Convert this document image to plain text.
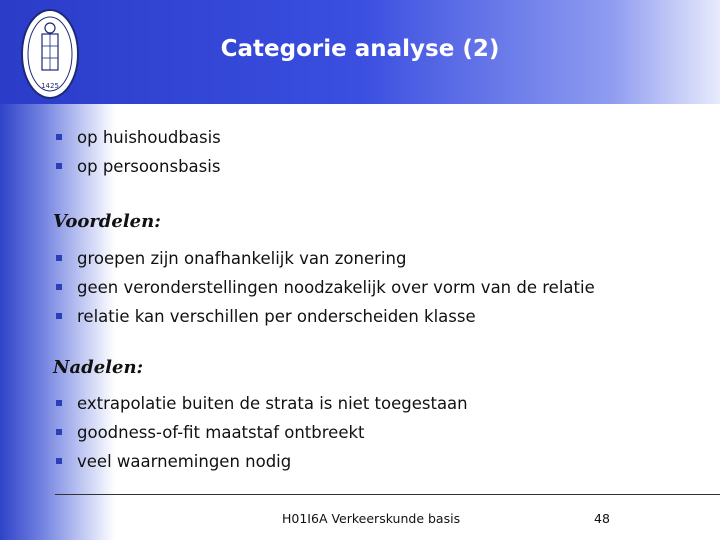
1425
Categorie analyse (2)
op huishoudbasis
op persoonsbasis
Voordelen:
groepen zijn onafhankelijk van zonering
geen veronderstellingen noodzakelijk over vorm van de relatie
relatie kan verschillen per onderscheiden klasse
Nadelen:
extrapolatie buiten de strata is niet toegestaan
goodness-of-fit maatstaf ontbreekt
veel waarnemingen nodig
H01I6A Verkeerskunde basis	48
